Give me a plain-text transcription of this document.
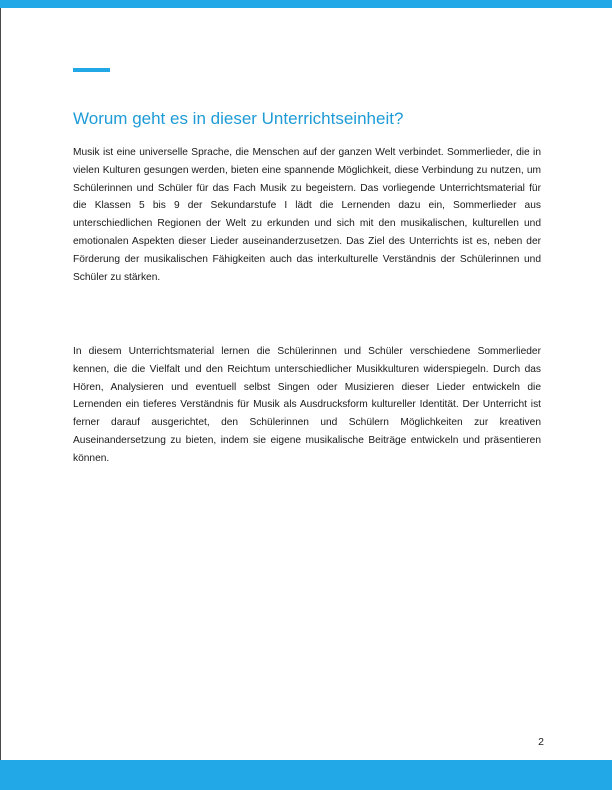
Worum geht es in dieser Unterrichtseinheit?

Musik ist eine universelle Sprache, die Menschen auf der ganzen Welt verbindet. Sommerlieder, die in vielen Kulturen gesungen werden, bieten eine spannende Möglichkeit, diese Verbindung zu nutzen, um Schülerinnen und Schüler für das Fach Musik zu begeistern. Das vorliegende Unterrichtsmaterial für die Klassen 5 bis 9 der Sekundarstufe I lädt die Lernenden dazu ein, Sommerlieder aus unterschiedlichen Regionen der Welt zu erkunden und sich mit den musikalischen, kulturellen und emotionalen Aspekten dieser Lieder auseinanderzusetzen. Das Ziel des Unterrichts ist es, neben der Förderung der musikalischen Fähigkeiten auch das interkulturelle Verständnis der Schülerinnen und Schüler zu stärken.

In diesem Unterrichtsmaterial lernen die Schülerinnen und Schüler verschiedene Sommerlieder kennen, die die Vielfalt und den Reichtum unterschiedlicher Musikkulturen widerspiegeln. Durch das Hören, Analysieren und eventuell selbst Singen oder Musizieren dieser Lieder entwickeln die Lernenden ein tieferes Verständnis für Musik als Ausdrucksform kultureller Identität. Der Unterricht ist ferner darauf ausgerichtet, den Schülerinnen und Schülern Möglichkeiten zur kreativen Auseinandersetzung zu bieten, indem sie eigene musikalische Beiträge entwickeln und präsentieren können.

2
